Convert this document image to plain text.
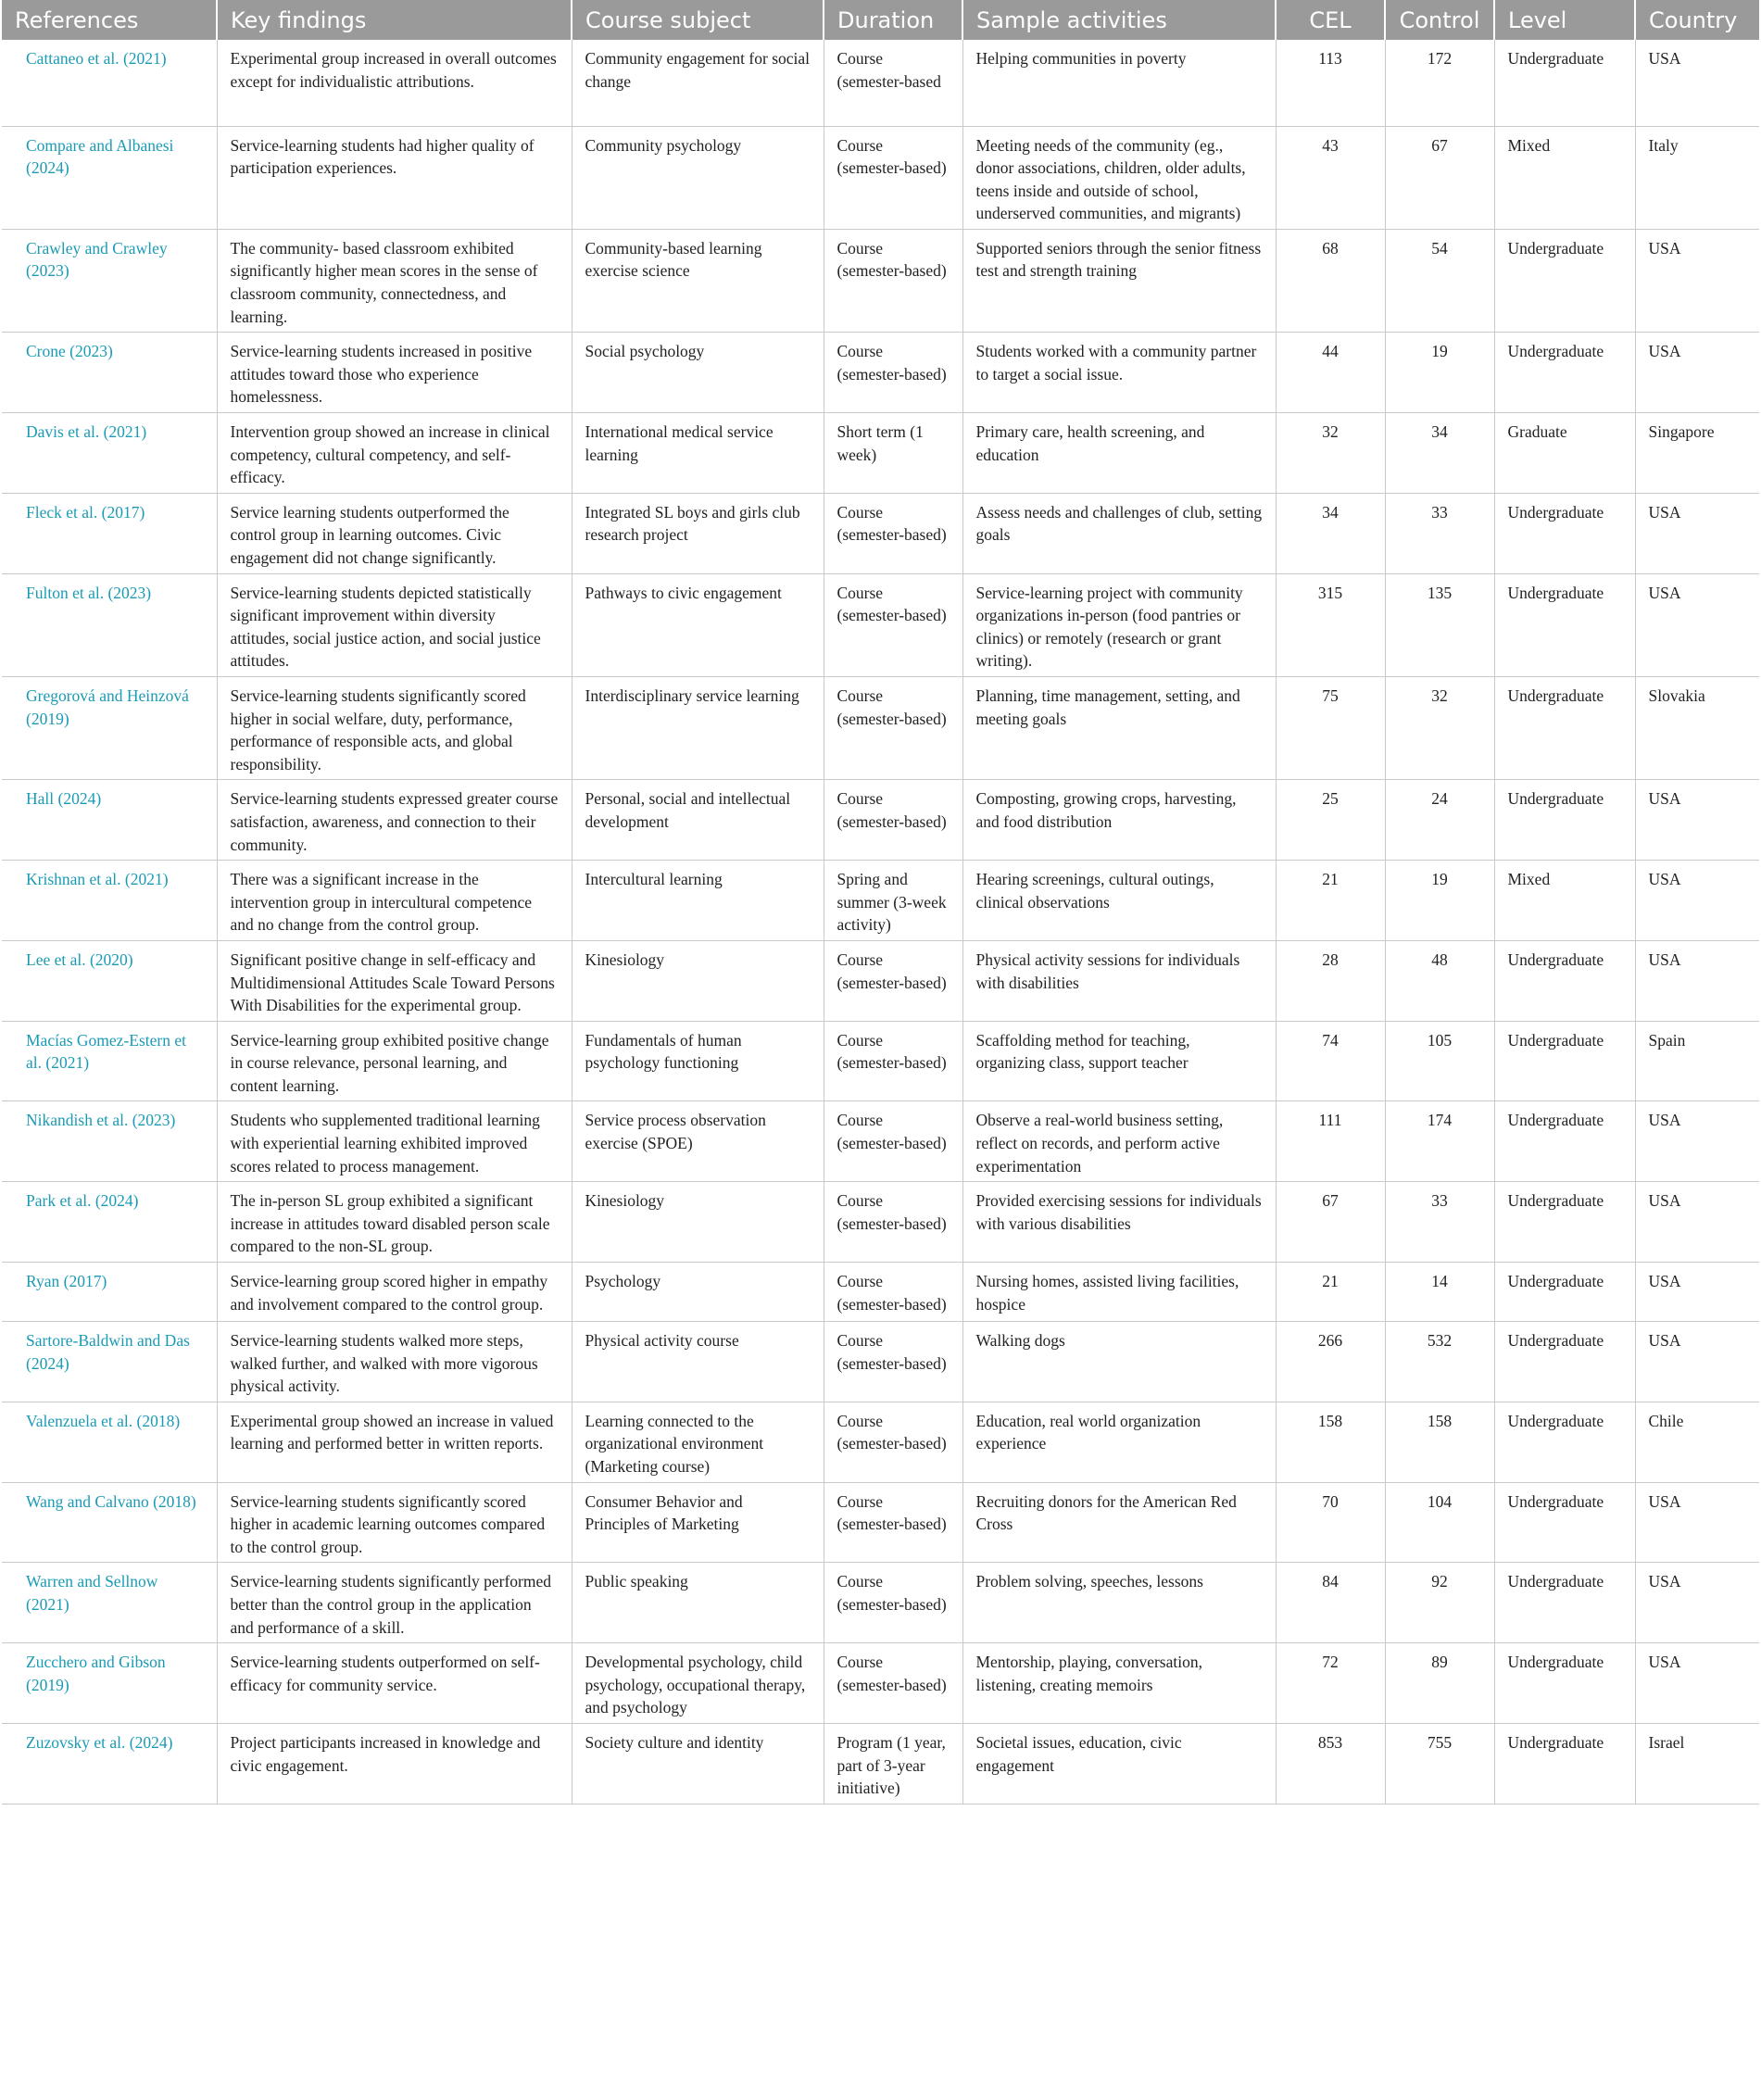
References	Key findings	Course subject	Duration	Sample activities	CEL	Control	Level	Country
Cattaneo et al. (2021)	Experimental group increased in overall outcomes except for individualistic attributions.	Community engagement for social change	Course (semester-based	Helping communities in poverty	113	172	Undergraduate	USA
Compare and Albanesi (2024)	Service-learning students had higher quality of participation experiences.	Community psychology	Course (semester-based)	Meeting needs of the community (eg., donor associations, children, older adults, teens inside and outside of school, underserved communities, and migrants)	43	67	Mixed	Italy
Crawley and Crawley (2023)	The community- based classroom exhibited significantly higher mean scores in the sense of classroom community, connectedness, and learning.	Community-based learning exercise science	Course (semester-based)	Supported seniors through the senior fitness test and strength training	68	54	Undergraduate	USA
Crone (2023)	Service-learning students increased in positive attitudes toward those who experience homelessness.	Social psychology	Course (semester-based)	Students worked with a community partner to target a social issue.	44	19	Undergraduate	USA
Davis et al. (2021)	Intervention group showed an increase in clinical competency, cultural competency, and self-efficacy.	International medical service learning	Short term (1 week)	Primary care, health screening, and education	32	34	Graduate	Singapore
Fleck et al. (2017)	Service learning students outperformed the control group in learning outcomes. Civic engagement did not change significantly.	Integrated SL boys and girls club research project	Course (semester-based)	Assess needs and challenges of club, setting goals	34	33	Undergraduate	USA
Fulton et al. (2023)	Service-learning students depicted statistically significant improvement within diversity attitudes, social justice action, and social justice attitudes.	Pathways to civic engagement	Course (semester-based)	Service-learning project with community organizations in-person (food pantries or clinics) or remotely (research or grant writing).	315	135	Undergraduate	USA
Gregorová and Heinzová (2019)	Service-learning students significantly scored higher in social welfare, duty, performance, performance of responsible acts, and global responsibility.	Interdisciplinary service learning	Course (semester-based)	Planning, time management, setting, and meeting goals	75	32	Undergraduate	Slovakia
Hall (2024)	Service-learning students expressed greater course satisfaction, awareness, and connection to their community.	Personal, social and intellectual development	Course (semester-based)	Composting, growing crops, harvesting, and food distribution	25	24	Undergraduate	USA
Krishnan et al. (2021)	There was a significant increase in the intervention group in intercultural competence and no change from the control group.	Intercultural learning	Spring and summer (3-week activity)	Hearing screenings, cultural outings, clinical observations	21	19	Mixed	USA
Lee et al. (2020)	Significant positive change in self-efficacy and Multidimensional Attitudes Scale Toward Persons With Disabilities for the experimental group.	Kinesiology	Course (semester-based)	Physical activity sessions for individuals with disabilities	28	48	Undergraduate	USA
Macías Gomez-Estern et al. (2021)	Service-learning group exhibited positive change in course relevance, personal learning, and content learning.	Fundamentals of human psychology functioning	Course (semester-based)	Scaffolding method for teaching, organizing class, support teacher	74	105	Undergraduate	Spain
Nikandish et al. (2023)	Students who supplemented traditional learning with experiential learning exhibited improved scores related to process management.	Service process observation exercise (SPOE)	Course (semester-based)	Observe a real-world business setting, reflect on records, and perform active experimentation	111	174	Undergraduate	USA
Park et al. (2024)	The in-person SL group exhibited a significant increase in attitudes toward disabled person scale compared to the non-SL group.	Kinesiology	Course (semester-based)	Provided exercising sessions for individuals with various disabilities	67	33	Undergraduate	USA
Ryan (2017)	Service-learning group scored higher in empathy and involvement compared to the control group.	Psychology	Course (semester-based)	Nursing homes, assisted living facilities, hospice	21	14	Undergraduate	USA
Sartore-Baldwin and Das (2024)	Service-learning students walked more steps, walked further, and walked with more vigorous physical activity.	Physical activity course	Course (semester-based)	Walking dogs	266	532	Undergraduate	USA
Valenzuela et al. (2018)	Experimental group showed an increase in valued learning and performed better in written reports.	Learning connected to the organizational environment (Marketing course)	Course (semester-based)	Education, real world organization experience	158	158	Undergraduate	Chile
Wang and Calvano (2018)	Service-learning students significantly scored higher in academic learning outcomes compared to the control group.	Consumer Behavior and Principles of Marketing	Course (semester-based)	Recruiting donors for the American Red Cross	70	104	Undergraduate	USA
Warren and Sellnow (2021)	Service-learning students significantly performed better than the control group in the application and performance of a skill.	Public speaking	Course (semester-based)	Problem solving, speeches, lessons	84	92	Undergraduate	USA
Zucchero and Gibson (2019)	Service-learning students outperformed on self-efficacy for community service.	Developmental psychology, child psychology, occupational therapy, and psychology	Course (semester-based)	Mentorship, playing, conversation, listening, creating memoirs	72	89	Undergraduate	USA
Zuzovsky et al. (2024)	Project participants increased in knowledge and civic engagement.	Society culture and identity	Program (1 year, part of 3-year initiative)	Societal issues, education, civic engagement	853	755	Undergraduate	Israel
